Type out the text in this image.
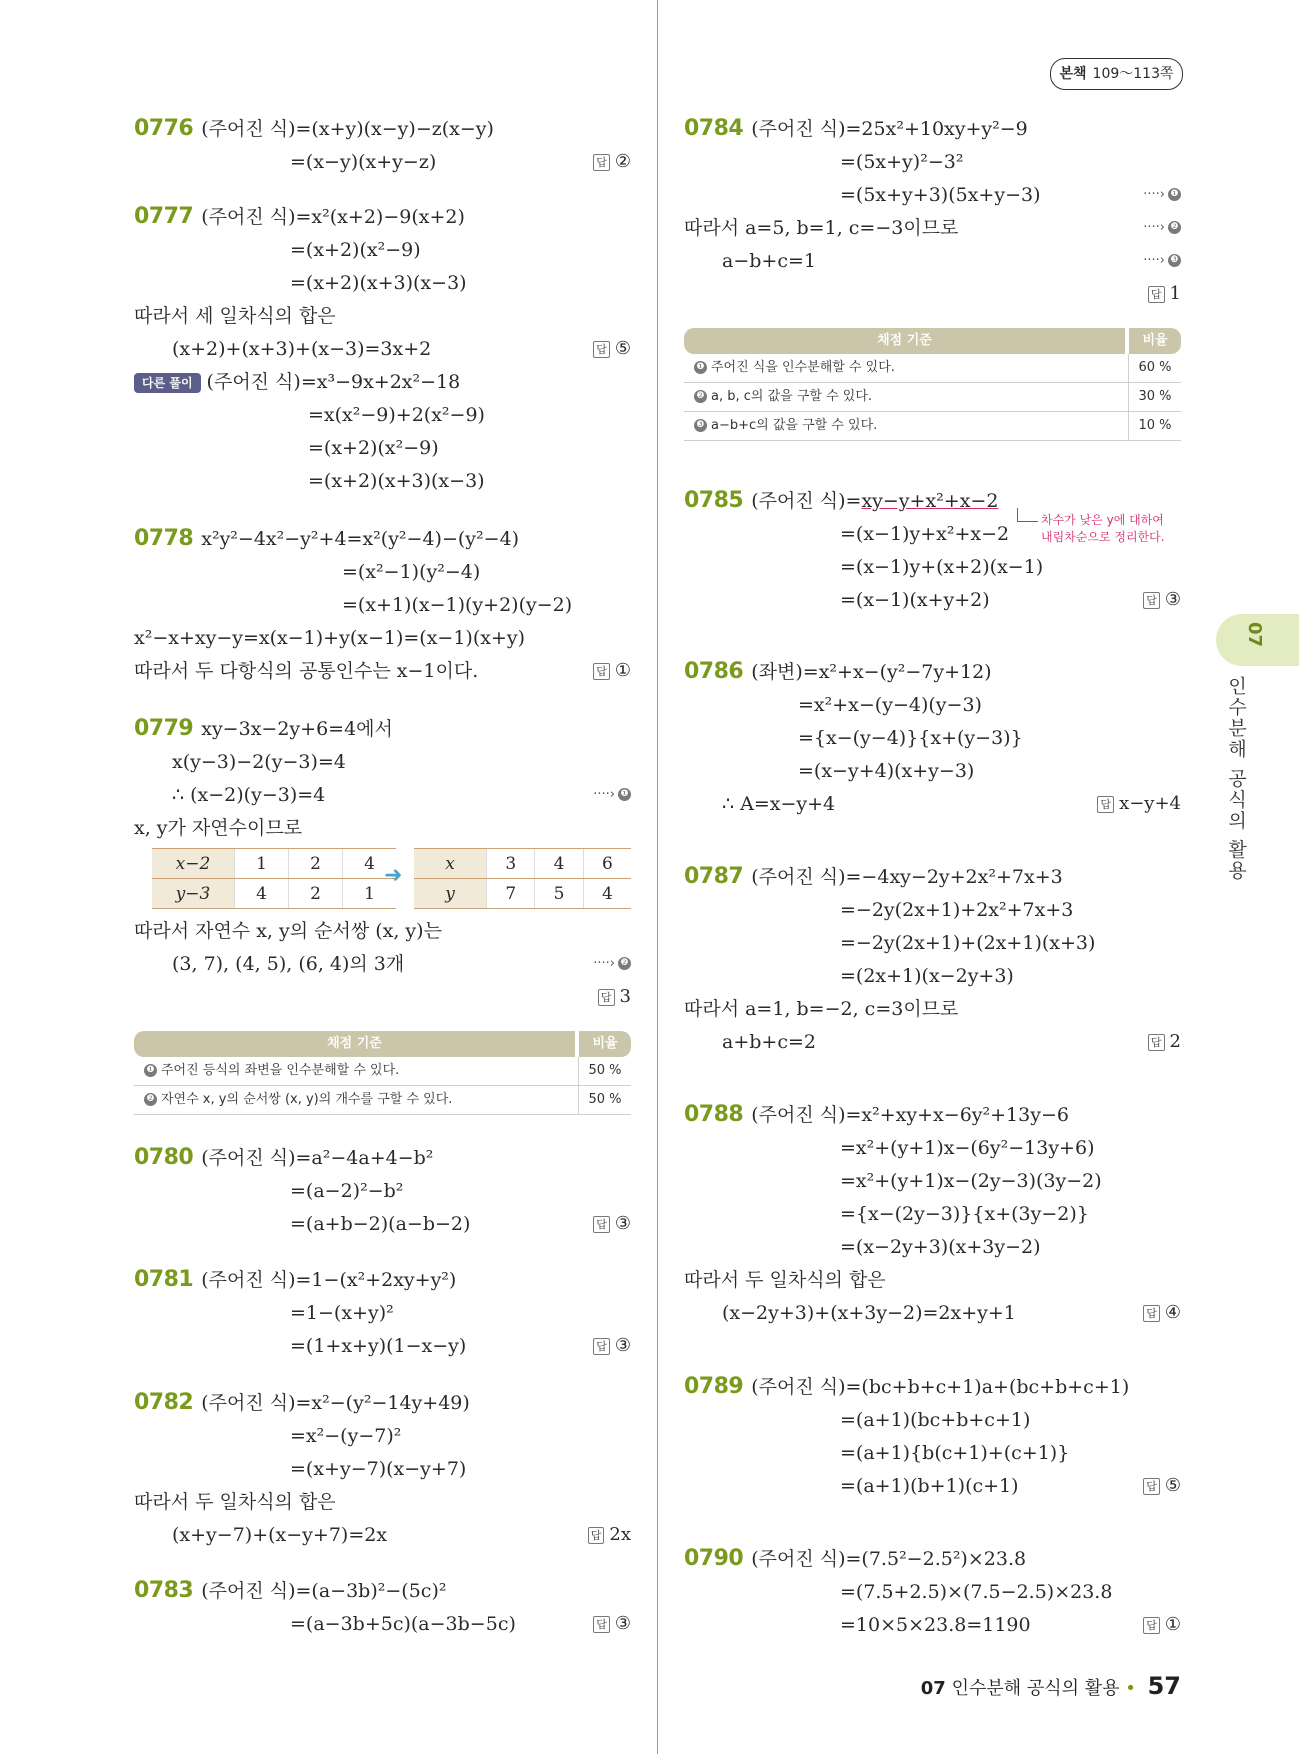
본책 109～113쪽
07
인수분해 공식의 활용
0776 (주어진 식)=(x+y)(x−y)−z(x−y)
=(x−y)(x+y−z)	답 ②
0777 (주어진 식)=x²(x+2)−9(x+2)
=(x+2)(x²−9)
=(x+2)(x+3)(x−3)
따라서 세 일차식의 합은
(x+2)+(x+3)+(x−3)=3x+2	답 ⑤
다른 풀이 (주어진 식)=x³−9x+2x²−18
=x(x²−9)+2(x²−9)
=(x+2)(x²−9)
=(x+2)(x+3)(x−3)
0778 x²y²−4x²−y²+4=x²(y²−4)−(y²−4)
=(x²−1)(y²−4)
=(x+1)(x−1)(y+2)(y−2)
x²−x+xy−y=x(x−1)+y(x−1)=(x−1)(x+y)
따라서 두 다항식의 공통인수는 x−1이다.	답 ①
0779 xy−3x−2y+6=4에서
x(y−3)−2(y−3)=4
∴ (x−2)(y−3)=4	····› ❶
x, y가 자연수이므로
x−2	1	2	4
y−3	4	2	1
➜	x	3	4	6
y	7	5	4
따라서 자연수 x, y의 순서쌍 (x, y)는
(3, 7), (4, 5), (6, 4)의 3개	····› ❷
답 3
채점 기준	비율
❶ 주어진 등식의 좌변을 인수분해할 수 있다.	50 %
❷ 자연수 x, y의 순서쌍 (x, y)의 개수를 구할 수 있다.	50 %
0780 (주어진 식)=a²−4a+4−b²
=(a−2)²−b²
=(a+b−2)(a−b−2)	답 ③
0781 (주어진 식)=1−(x²+2xy+y²)
=1−(x+y)²
=(1+x+y)(1−x−y)	답 ③
0782 (주어진 식)=x²−(y²−14y+49)
=x²−(y−7)²
=(x+y−7)(x−y+7)
따라서 두 일차식의 합은
(x+y−7)+(x−y+7)=2x	답 2x
0783 (주어진 식)=(a−3b)²−(5c)²
=(a−3b+5c)(a−3b−5c)	답 ③
0784 (주어진 식)=25x²+10xy+y²−9
=(5x+y)²−3²
=(5x+y+3)(5x+y−3)	····› ❶
따라서 a=5, b=1, c=−3이므로	····› ❷
a−b+c=1	····› ❸
답 1
채점 기준	비율
❶ 주어진 식을 인수분해할 수 있다.	60 %
❷ a, b, c의 값을 구할 수 있다.	30 %
❸ a−b+c의 값을 구할 수 있다.	10 %
0785 (주어진 식)=xy−y+x²+x−2
차수가 낮은 y에 대하여
내림차순으로 정리한다.
=(x−1)y+x²+x−2
=(x−1)y+(x+2)(x−1)
=(x−1)(x+y+2)	답 ③
0786 (좌변)=x²+x−(y²−7y+12)
=x²+x−(y−4)(y−3)
={x−(y−4)}{x+(y−3)}
=(x−y+4)(x+y−3)
∴ A=x−y+4	답 x−y+4
0787 (주어진 식)=−4xy−2y+2x²+7x+3
=−2y(2x+1)+2x²+7x+3
=−2y(2x+1)+(2x+1)(x+3)
=(2x+1)(x−2y+3)
따라서 a=1, b=−2, c=3이므로
a+b+c=2	답 2
0788 (주어진 식)=x²+xy+x−6y²+13y−6
=x²+(y+1)x−(6y²−13y+6)
=x²+(y+1)x−(2y−3)(3y−2)
={x−(2y−3)}{x+(3y−2)}
=(x−2y+3)(x+3y−2)
따라서 두 일차식의 합은
(x−2y+3)+(x+3y−2)=2x+y+1	답 ④
0789 (주어진 식)=(bc+b+c+1)a+(bc+b+c+1)
=(a+1)(bc+b+c+1)
=(a+1){b(c+1)+(c+1)}
=(a+1)(b+1)(c+1)	답 ⑤
0790 (주어진 식)=(7.5²−2.5²)×23.8
=(7.5+2.5)×(7.5−2.5)×23.8
=10×5×23.8=1190	답 ①
07 인수분해 공식의 활용 • 57
